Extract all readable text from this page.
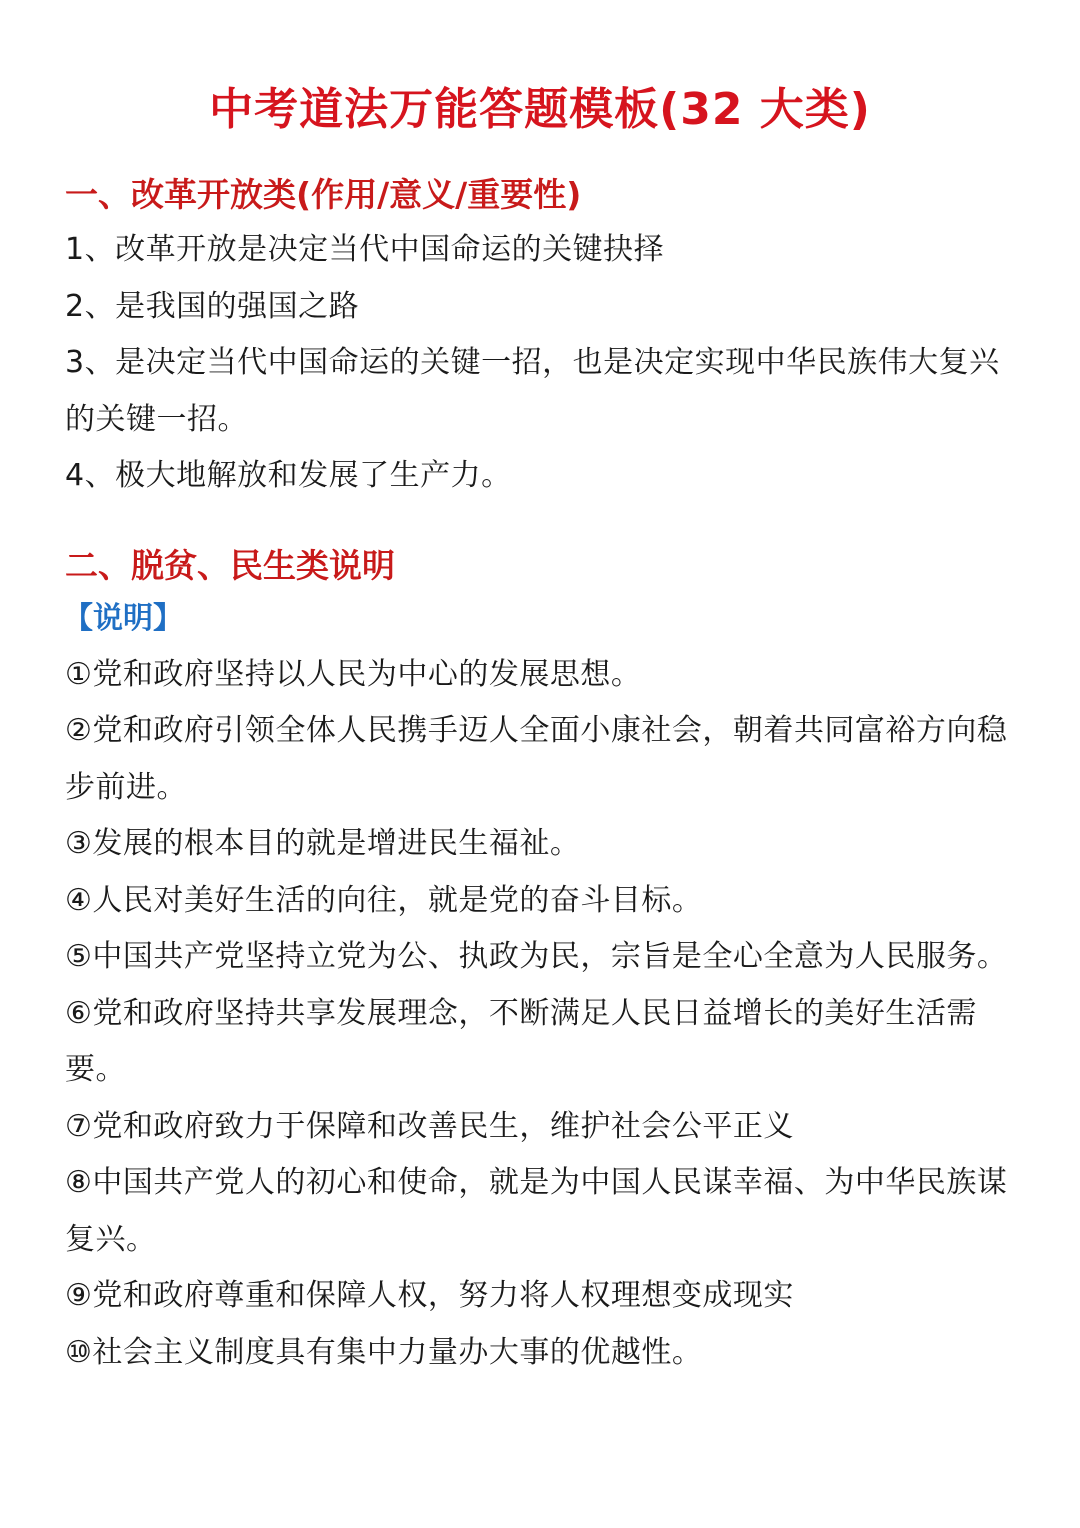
中考道法万能答题模板(32 大类)
一、改革开放类(作用/意义/重要性)
1、改革开放是决定当代中国命运的关键抉择
2、是我国的强国之路
3、是决定当代中国命运的关键一招，也是决定实现中华民族伟大复兴的关键一招。
4、极大地解放和发展了生产力。
二、脱贫、民生类说明
【说明】
①党和政府坚持以人民为中心的发展思想。
②党和政府引领全体人民携手迈人全面小康社会，朝着共同富裕方向稳步前进。
③发展的根本目的就是增进民生福祉。
④人民对美好生活的向往，就是党的奋斗目标。
⑤中国共产党坚持立党为公、执政为民，宗旨是全心全意为人民服务。
⑥党和政府坚持共享发展理念，不断满足人民日益增长的美好生活需要。
⑦党和政府致力于保障和改善民生，维护社会公平正义
⑧中国共产党人的初心和使命，就是为中国人民谋幸福、为中华民族谋复兴。
⑨党和政府尊重和保障人权，努力将人权理想变成现实
⑩社会主义制度具有集中力量办大事的优越性。
